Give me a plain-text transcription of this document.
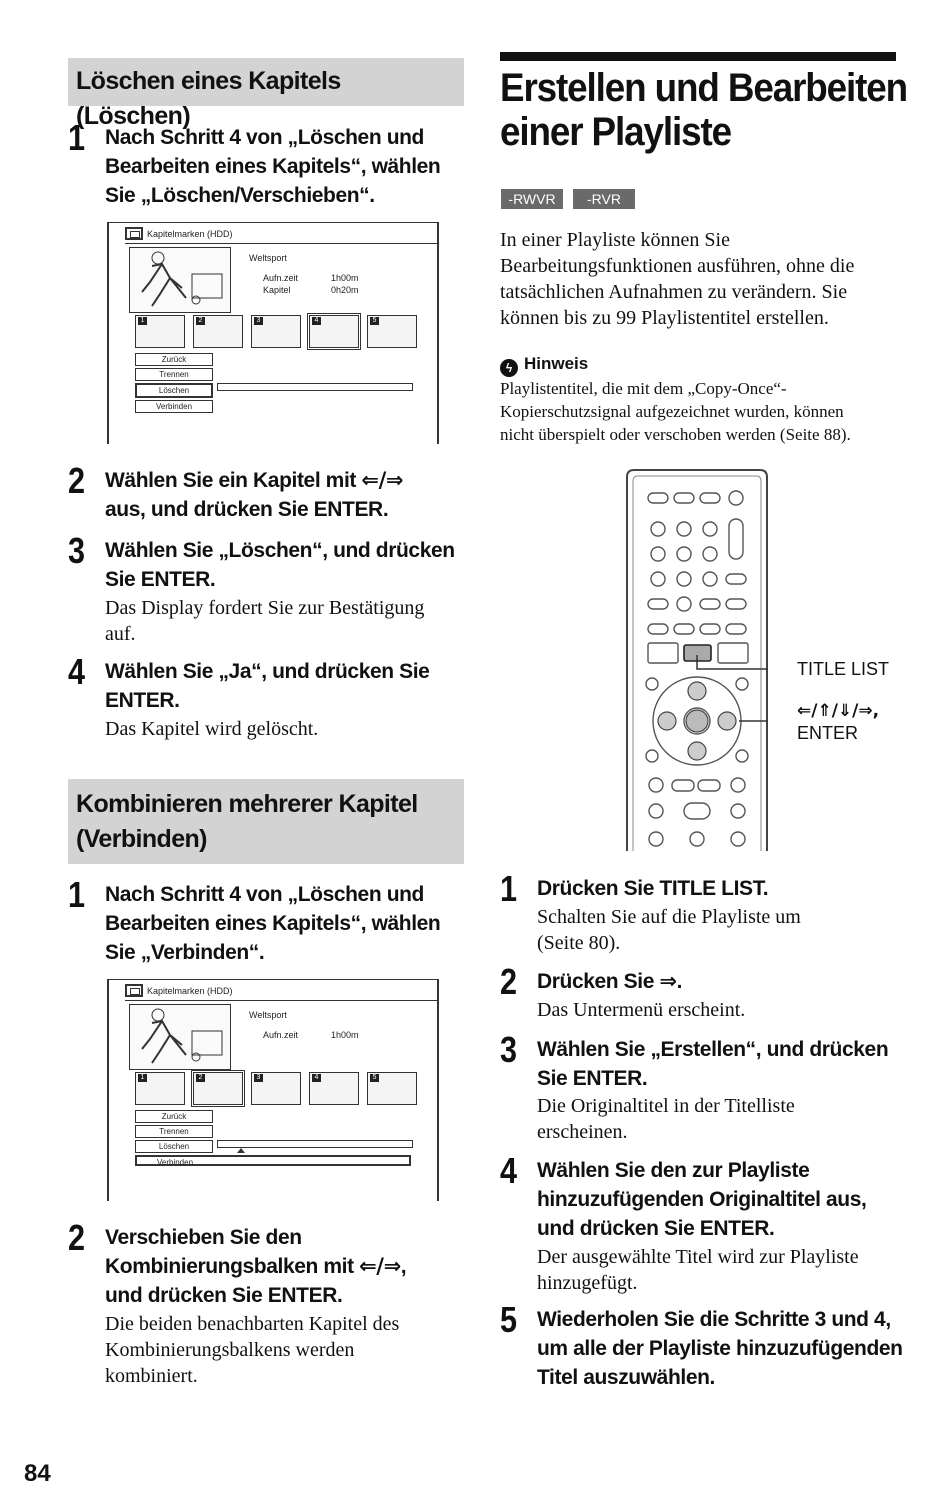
Löschen eines Kapitels (Löschen)
1 Nach Schritt 4 von „Löschen und
Bearbeiten eines Kapitels“, wählen
Sie „Löschen/Verschieben“.
Kapitelmarken (HDD)
Weltsport
Aufn.zeit	1h00m
Kapitel	0h20m
1	2	3	4	5
Zurück
Trennen
Löschen
Verbinden
2 Wählen Sie ein Kapitel mit ⇐/⇒
aus, und drücken Sie ENTER.
3 Wählen Sie „Löschen“, und drücken
Sie ENTER.
Das Display fordert Sie zur Bestätigung
auf.
4 Wählen Sie „Ja“, und drücken Sie
ENTER.
Das Kapitel wird gelöscht.
Kombinieren mehrerer Kapitel
(Verbinden)
1 Nach Schritt 4 von „Löschen und
Bearbeiten eines Kapitels“, wählen
Sie „Verbinden“.
Kapitelmarken (HDD)
Weltsport
Aufn.zeit	1h00m
1	2	3	4	5
Zurück
Trennen
Löschen
Verbinden
2 Verschieben Sie den
Kombinierungsbalken mit ⇐/⇒,
und drücken Sie ENTER.
Die beiden benachbarten Kapitel des
Kombinierungsbalkens werden
kombiniert.
84
Erstellen und Bearbeiten
einer Playliste
-RWVR	-RVR
In einer Playliste können Sie
Bearbeitungsfunktionen ausführen, ohne die
tatsächlichen Aufnahmen zu verändern. Sie
können bis zu 99 Playlistentitel erstellen.
ϟ Hinweis
Playlistentitel, die mit dem „Copy-Once“-
Kopierschutzsignal aufgezeichnet wurden, können
nicht überspielt oder verschoben werden (Seite 88).
TITLE LIST
⇐/⇑/⇓/⇒,
ENTER
1 Drücken Sie TITLE LIST.
Schalten Sie auf die Playliste um
(Seite 80).
2 Drücken Sie ⇒.
Das Untermenü erscheint.
3 Wählen Sie „Erstellen“, und drücken
Sie ENTER.
Die Originaltitel in der Titelliste
erscheinen.
4 Wählen Sie den zur Playliste
hinzuzufügenden Originaltitel aus,
und drücken Sie ENTER.
Der ausgewählte Titel wird zur Playliste
hinzugefügt.
5 Wiederholen Sie die Schritte 3 und 4,
um alle der Playliste hinzuzufügenden
Titel auszuwählen.
